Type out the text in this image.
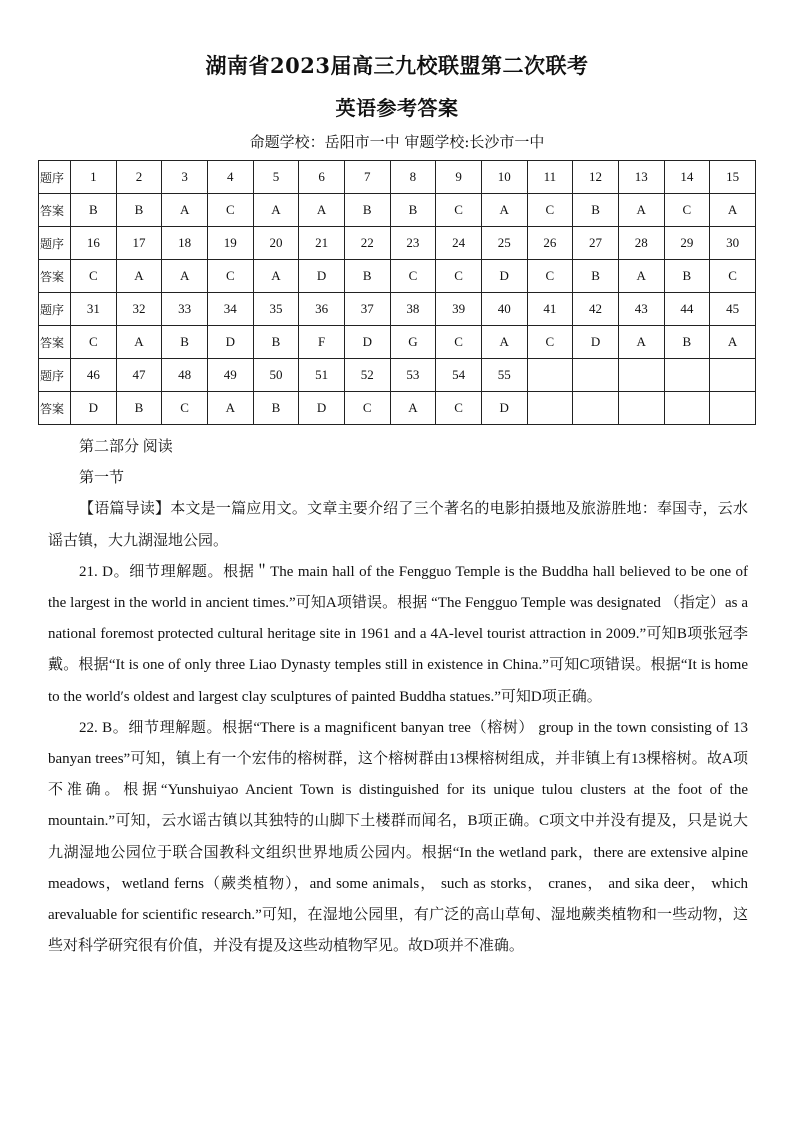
湖南省2023届高三九校联盟第二次联考
英语参考答案
命题学校：岳阳市一中 审题学校:长沙市一中
题序	1	2	3	4	5	6	7	8	9	10	11	12	13	14	15
答案	B	B	A	C	A	A	B	B	C	A	C	B	A	C	A
题序	16	17	18	19	20	21	22	23	24	25	26	27	28	29	30
答案	C	A	A	C	A	D	B	C	C	D	C	B	A	B	C
题序	31	32	33	34	35	36	37	38	39	40	41	42	43	44	45
答案	C	A	B	D	B	F	D	G	C	A	C	D	A	B	A
题序	46	47	48	49	50	51	52	53	54	55					
答案	D	B	C	A	B	D	C	A	C	D					

第二部分 阅读

第一节

【语篇导读】本文是一篇应用文。文章主要介绍了三个著名的电影拍摄地及旅游胜地：奉国寺，云水谣古镇，大九湖湿地公园。

21. D。细节理解题。根据＂The main hall of the Fengguo Temple is the Buddha hall believed to be one of the largest in the world in ancient times.”可知A项错误。根据 “The Fengguo Temple was designated （指定）as a national foremost protected cultural heritage site in 1961 and a 4A-level tourist attraction in 2009.”可知B项张冠李戴。根据“It is one of only three Liao Dynasty temples still in existence in China.”可知C项错误。根据“It is home to the world′s oldest and largest clay sculptures of painted Buddha statues.”可知D项正确。

22. B。细节理解题。根据“There is a magnificent banyan tree（榕树） group in the town consisting of 13 banyan trees”可知，镇上有一个宏伟的榕树群，这个榕树群由13棵榕树组成，并非镇上有13棵榕树。故A项不准确。根据“Yunshuiyao Ancient Town is distinguished for its unique tulou clusters at the foot of the mountain.”可知，云水谣古镇以其独特的山脚下土楼群而闻名，B项正确。C项文中并没有提及，只是说大九湖湿地公园位于联合国教科文组织世界地质公园内。根据“In the wetland park，there are extensive alpine meadows，wetland ferns（蕨类植物），and some animals， such as storks， cranes， and sika deer， which arevaluable for scientific research.”可知，在湿地公园里，有广泛的高山草甸、湿地蕨类植物和一些动物，这些对科学研究很有价值，并没有提及这些动植物罕见。故D项并不准确。
